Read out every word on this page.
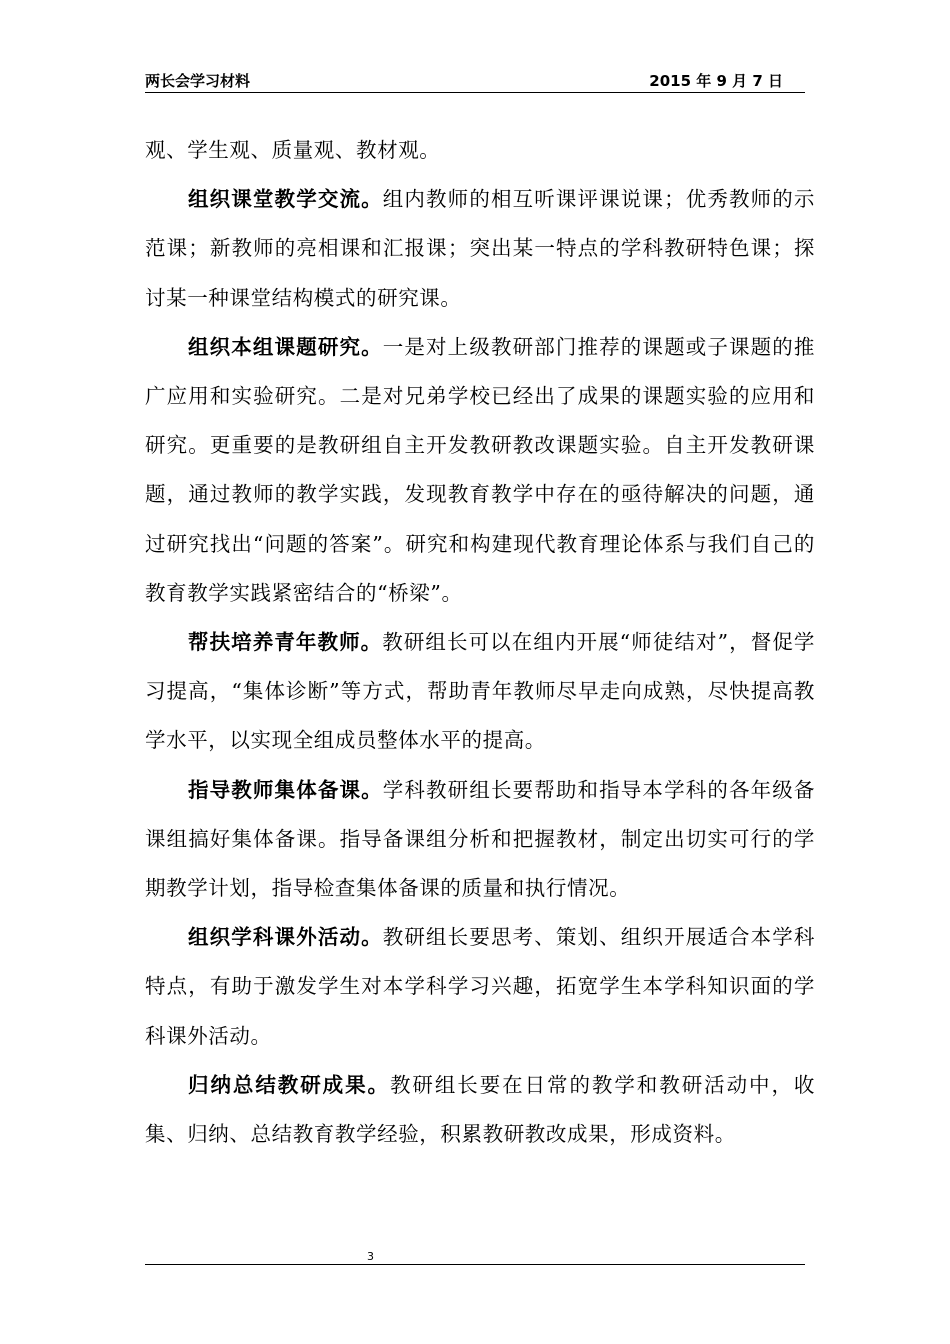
两长会学习材料	2015 年 9 月 7 日

观、学生观、质量观、教材观。

组织课堂教学交流。组内教师的相互听课评课说课；优秀教师的示范课；新教师的亮相课和汇报课；突出某一特点的学科教研特色课；探讨某一种课堂结构模式的研究课。

组织本组课题研究。一是对上级教研部门推荐的课题或子课题的推广应用和实验研究。二是对兄弟学校已经出了成果的课题实验的应用和研究。更重要的是教研组自主开发教研教改课题实验。自主开发教研课题，通过教师的教学实践，发现教育教学中存在的亟待解决的问题，通过研究找出“问题的答案”。研究和构建现代教育理论体系与我们自己的教育教学实践紧密结合的“桥梁”。

帮扶培养青年教师。教研组长可以在组内开展“师徒结对”，督促学习提高，“集体诊断”等方式，帮助青年教师尽早走向成熟，尽快提高教学水平，以实现全组成员整体水平的提高。

指导教师集体备课。学科教研组长要帮助和指导本学科的各年级备课组搞好集体备课。指导备课组分析和把握教材，制定出切实可行的学期教学计划，指导检查集体备课的质量和执行情况。

组织学科课外活动。教研组长要思考、策划、组织开展适合本学科特点，有助于激发学生对本学科学习兴趣，拓宽学生本学科知识面的学科课外活动。

归纳总结教研成果。教研组长要在日常的教学和教研活动中，收集、归纳、总结教育教学经验，积累教研教改成果，形成资料。

3
